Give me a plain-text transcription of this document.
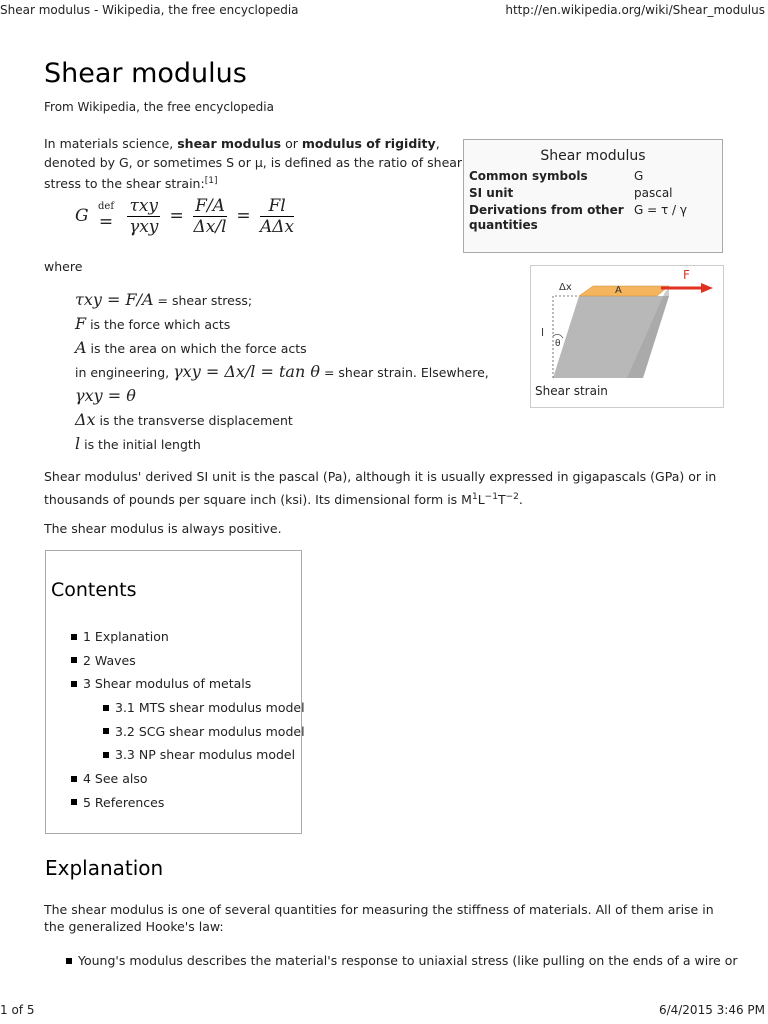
Shear modulus - Wikipedia, the free encyclopedia	http://en.wikipedia.org/wiki/Shear_modulus
1 of 5	6/4/2015 3:46 PM
Shear modulus
From Wikipedia, the free encyclopedia
In materials science, shear modulus or modulus of rigidity,
denoted by G, or sometimes S or μ, is defined as the ratio of shear stress to the shear strain:[1]
G def
=
$\frac{\text{τxy}}{\text{γxy}} = \frac{F/A}{\Delta x/l} = \frac{Fl}{\text{AΔx}}$
where
τxy = F/A = shear stress;
F is the force which acts
A is the area on which the force acts
in engineering, γxy = Δx/l = tan θ = shear strain. Elsewhere,
γxy = θ
Δx is the transverse displacement
l is the initial length
Shear modulus
Common symbols	G
SI unit	pascal
Derivations from other quantities	G = τ / γ
Δx	A
F
l
θ
Shear strain
Shear modulus' derived SI unit is the pascal (Pa), although it is usually expressed in gigapascals (GPa) or in thousands of pounds per square inch (ksi). Its dimensional form is $M^1L^{-1}T^{-2}$.
The shear modulus is always positive.
Contents
1 Explanation
2 Waves
3 Shear modulus of metals
3.1 MTS shear modulus model
3.2 SCG shear modulus model
3.3 NP shear modulus model
4 See also
5 References
Explanation
The shear modulus is one of several quantities for measuring the stiffness of materials. All of them arise in the generalized Hooke's law:
Young's modulus describes the material's response to uniaxial stress (like pulling on the ends of a wire or
